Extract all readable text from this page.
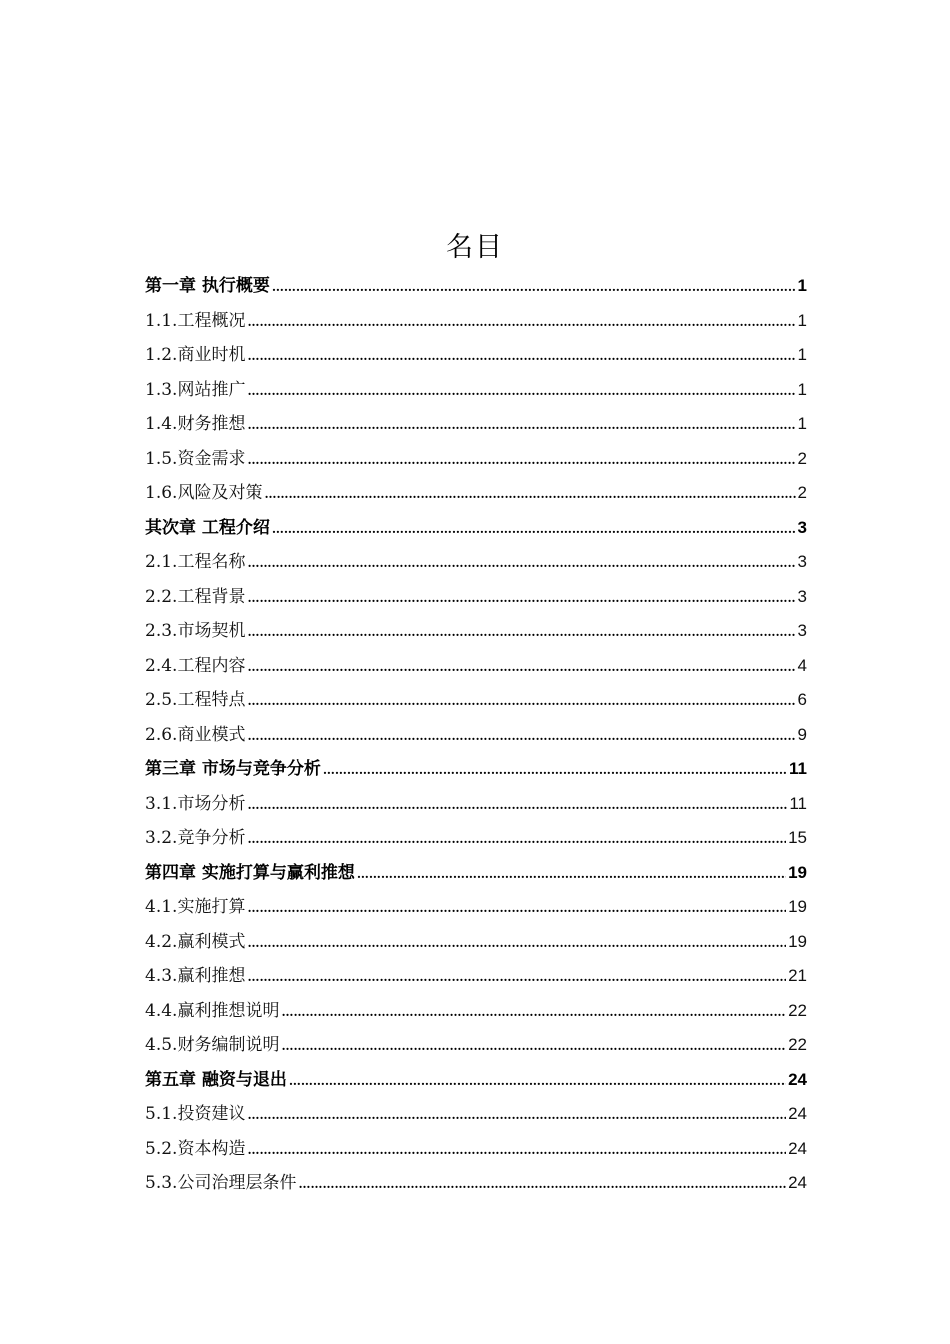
名目
第一章 执行概要 ………………………………………………………………………………………………………………………………………………………………	1
1.1.工程概况 ………………………………………………………………………………………………………………………………………………………………	1
1.2.商业时机 ………………………………………………………………………………………………………………………………………………………………	1
1.3.网站推广 ………………………………………………………………………………………………………………………………………………………………	1
1.4.财务推想 ………………………………………………………………………………………………………………………………………………………………	1
1.5.资金需求 ………………………………………………………………………………………………………………………………………………………………	2
1.6.风险及对策 ………………………………………………………………………………………………………………………………………………………………	2
其次章 工程介绍 ………………………………………………………………………………………………………………………………………………………………	3
2.1.工程名称 ………………………………………………………………………………………………………………………………………………………………	3
2.2.工程背景 ………………………………………………………………………………………………………………………………………………………………	3
2.3.市场契机 ………………………………………………………………………………………………………………………………………………………………	3
2.4.工程内容 ………………………………………………………………………………………………………………………………………………………………	4
2.5.工程特点 ………………………………………………………………………………………………………………………………………………………………	6
2.6.商业模式 ………………………………………………………………………………………………………………………………………………………………	9
第三章 市场与竞争分析 ………………………………………………………………………………………………………………………………………………………………	11
3.1.市场分析 ………………………………………………………………………………………………………………………………………………………………	11
3.2.竞争分析 ………………………………………………………………………………………………………………………………………………………………	15
第四章 实施打算与赢利推想 ………………………………………………………………………………………………………………………………………………………………	19
4.1.实施打算 ………………………………………………………………………………………………………………………………………………………………	19
4.2.赢利模式 ………………………………………………………………………………………………………………………………………………………………	19
4.3.赢利推想 ………………………………………………………………………………………………………………………………………………………………	21
4.4.赢利推想说明 ………………………………………………………………………………………………………………………………………………………………	22
4.5.财务编制说明 ………………………………………………………………………………………………………………………………………………………………	22
第五章 融资与退出 ………………………………………………………………………………………………………………………………………………………………	24
5.1.投资建议 ………………………………………………………………………………………………………………………………………………………………	24
5.2.资本构造 ………………………………………………………………………………………………………………………………………………………………	24
5.3.公司治理层条件 ………………………………………………………………………………………………………………………………………………………………	24
